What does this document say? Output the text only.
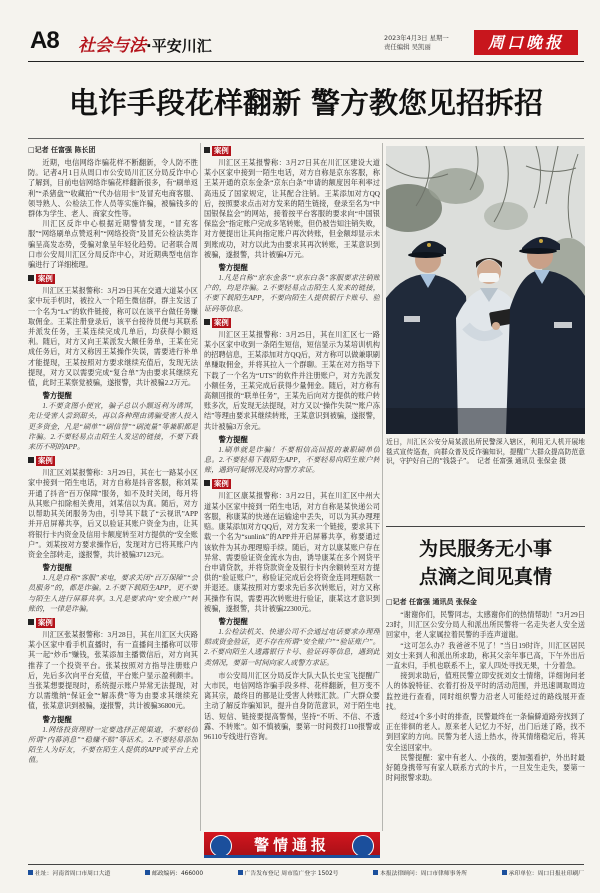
A8 社会与法·平安川汇	2023年4月3日 星期一
责任编辑 吴凯丽	周口晚报
电诈手段花样翻新 警方教您见招拆招
□记者 任富强 陈长团

近期，电信网络诈骗花样不断翻新，令人防不胜防。记者4月1日从周口市公安局川汇区分局反诈中心了解到，目前电信网络诈骗花样翻新很多，有“刷单返利”“杀猪盘”“收藏拍”“代办信用卡”及冒充电商客服、领导熟人、公检法工作人员等实施诈骗，被骗钱多的群体为学生、老人、商家女性等。

川汇区反诈中心根据近期警情发现，“冒充客服”“网络刷单点赞返利”“网络投资”及冒充公检法类诈骗呈高发态势，受骗对象呈年轻化趋势。记者联合周口市公安局川汇区分局反诈中心，对近期典型电信诈骗进行了详细梳理。

案例

川汇区王某报警称：3月29日其在交通大道某小区家中玩手机时，被拉入一个陌生微信群，群主发送了一个名为“Lx”的软件链接，称可以在该平台做任务赚取佣金。王某注册登录后，该平台接待员便与其联系并派发任务，王某连续完成几单后，均获得小额返利。随后，对方又向王某派发大额任务单，王某在完成任务后，对方又称因王某操作失误，需要进行补单才能提现，王某按照对方要求继续充值后，发现无法提现，对方又以需要完成“复合单”为由要求其继续充值，此时王某察觉被骗，遂报警，共计被骗2.2万元。

警方提醒

1.不要贪图小便宜，骗子总以小额返利为诱饵，先让受害人尝到甜头，再以各种理由诱骗受害人投入更多资金，凡是“刷单”“刷信誉”“刷流量”等兼职都是诈骗。2.不要轻易点击陌生人发送的链接，不要下载来历不明的APP。

案例

川汇区刘某报警称：3月29日，其在七一路某小区家中接到一陌生电话，对方自称是抖音客服，称刘某开通了抖音“百万保障”服务，如不及时关闭，每月将从其账户扣除相关费用，刘某信以为真。随后，对方以帮助其关闭服务为由，引导其下载了“云视讯”APP并开启屏幕共享，后又以验证其账户资金为由，让其将银行卡内资金及信用卡额度转至对方提供的“安全账户”。刘某按对方要求操作后，发现对方已将其账户内资金全部转走，遂报警，共计被骗37123元。

警方提醒

1.凡是自称“客服”来电，要求关闭“百万保障”“会员服务”的，都是诈骗。2.不要下载陌生APP，更不要与陌生人进行屏幕共享。3.凡是要求向“安全账户”转账的，一律是诈骗。

案例

川汇区张某报警称：3月28日，其在川汇区大庆路某小区家中看手机直播时，有一直播间主播称可以带其一起“炒币”赚钱，张某添加主播微信后，对方向其推荐了一个投资平台。张某按照对方指导注册账户后，先后多次向平台充值，平台账户显示盈利颇丰。当张某想要提现时，系统提示账户异常无法提现，对方以需缴纳“保证金”“解冻费”等为由要求其继续充值，张某意识到被骗，遂报警，共计被骗36800元。

警方提醒

1.网络投资理财一定要选择正规渠道，不要轻信所谓“内幕消息”“稳赚不赔”等话术。2.不要轻易添加陌生人为好友，不要在陌生人提供的APP或平台上充值。

案例

川汇区王某报警称：3月27日其在川汇区建设大道某小区家中接到一陌生电话，对方自称是京东客服，称王某开通的京东金条“京东白条”申请的额度因年利率过高违反了国家规定，让其配合注销。王某添加对方QQ后，按照要求点击对方发来的陌生链接，登录至名为“中国银保监会”的网站，接着按平台客服的要求向“中国银保监会”指定账户完成多笔转账，但仍被告知注销失败，对方便提出让其向指定账户再次转账，但金额却显示未到账成功，对方以此为由要求其再次转账，王某意识到被骗，遂报警，共计被骗4万元。

警方提醒

1.凡是自称“京东金条”“京东白条”客服要求注销账户的，均是诈骗。2.不要轻易点击陌生人发来的链接，不要下载陌生APP，不要向陌生人提供银行卡账号、验证码等信息。

案例

川汇区王某报警称：3月25日，其在川汇区七一路某小区家中收到一条陌生短信，短信显示为某培训机构的招聘信息，王某添加对方QQ后，对方称可以做兼职刷单赚取佣金，并将其拉入一个群聊。王某在对方指导下下载了一个名为“UTS”的软件并注册账户，对方先派发小额任务，王某完成后获得少量佣金。随后，对方称有高额回报的“联单任务”，王某先后向对方提供的账户转账多次，后发现无法提现，对方又以“操作失误”“账户冻结”等理由要求其继续转账，王某意识到被骗，遂报警，共计被骗3万余元。

警方提醒

1.刷单就是诈骗！不要相信高回报的兼职刷单信息。2.不要轻易下载陌生APP，不要轻易向陌生账户转账，遇到可疑情况及时向警方求证。

案例

川汇区康某报警称：3月22日，其在川汇区中州大道某小区家中接到一陌生电话，对方自称是某快递公司客服，称康某的快递在运输途中丢失，可以为其办理理赔。康某添加对方QQ后，对方发来一个链接，要求其下载一个名为“sunlink”的APP并开启屏幕共享，称要通过该软件为其办理理赔手续。随后，对方以康某账户存在异常、需要验证资金流水为由，诱导康某在多个网贷平台申请贷款，并将贷款资金及银行卡内余额转至对方提供的“验证账户”，称验证完成后会将资金连同理赔款一并退还。康某按照对方要求先后多次转账后，对方又称其操作有误，需要再次转账进行验证，康某这才意识到被骗，遂报警，共计被骗22300元。

警方提醒

1.公检法机关、快递公司不会通过电话要求办理理赔或资金验证，更不存在所谓“安全账户”“验证账户”。2.不要向陌生人透露银行卡号、验证码等信息，遇到此类情况，要第一时间向家人或警方求证。

市公安局川汇区分局反诈大队大队长史宝飞提醒广大市民，电信网络诈骗手段多样、花样翻新，但万变不离其宗，最终目的都是让受害人转账汇款。广大群众要主动了解反诈骗知识，提升自身防范意识，对于陌生电话、短信、链接要提高警惕，坚持“不听、不信、不透露、不转账”。如不慎被骗，要第一时间拨打110报警或96110专线进行咨询。

近日，川汇区公安分局某派出所民警深入辖区，利用无人机开展地毯式宣传巡查，向群众普及反诈骗知识，提醒广大群众提高防范意识，守护好自己的“钱袋子”。 记者 任富强 通讯员 张保金 摄

为民服务无小事
点滴之间见真情
□记者 任富强 通讯员 张保金

“谢谢你们，民警同志，太感谢你们的热情帮助！”3月29日23时，川汇区公安分局人和派出所民警将一名走失老人安全送回家中，老人家属拉着民警的手连声道谢。

“这可怎么办？我爸爸不见了！”当日19时许，川汇区居民刘女士来到人和派出所求助，称其父亲年事已高，下午外出后一直未归，手机也联系不上，家人四处寻找无果，十分着急。

接到求助后，值班民警立即安抚刘女士情绪，详细询问老人的体貌特征、衣着打扮及平时的活动范围，并迅速调取周边监控进行查看，同时组织警力沿老人可能经过的路线展开查找。

经过4个多小时的排查，民警最终在一条偏僻道路旁找到了正在徘徊的老人。原来老人记忆力不好，出门后迷了路，找不到回家的方向。民警为老人送上热水，待其情绪稳定后，将其安全送回家中。

民警提醒：家中有老人、小孩的，要加强看护，外出时最好随身携带写有家人联系方式的卡片，一旦发生走失，要第一时间报警求助。

警情通报
社址：河南省周口市周口大道	邮政编码：466000	广告发布登记 周市监广登字 1502号	本报法律顾问：周口市律师事务所	承印单位：周口日报社印刷厂
